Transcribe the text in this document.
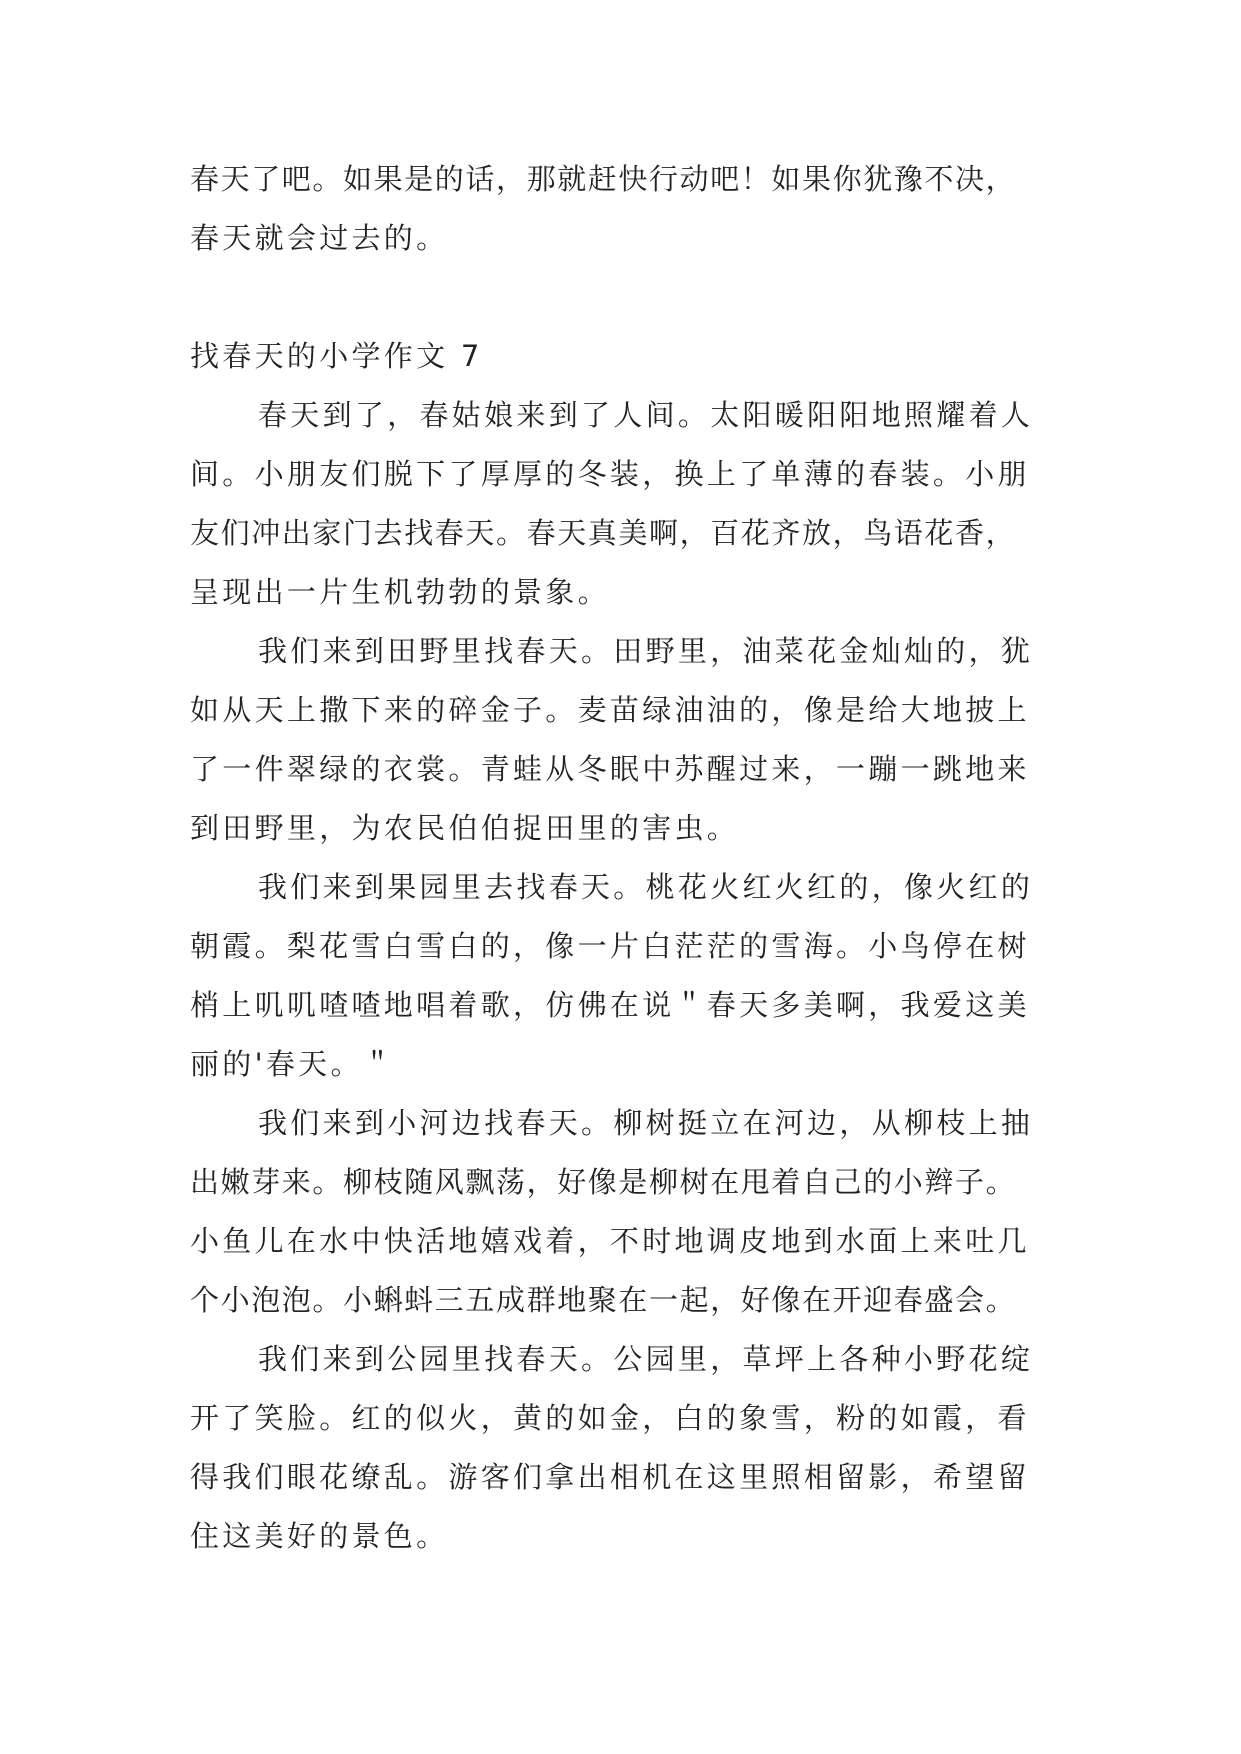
春天了吧。如果是的话，那就赶快行动吧！如果你犹豫不决，

春天就会过去的。

找春天的小学作文 7

春天到了，春姑娘来到了人间。太阳暖阳阳地照耀着人

间。小朋友们脱下了厚厚的冬装，换上了单薄的春装。小朋

友们冲出家门去找春天。春天真美啊，百花齐放，鸟语花香，

呈现出一片生机勃勃的景象。

我们来到田野里找春天。田野里，油菜花金灿灿的，犹

如从天上撒下来的碎金子。麦苗绿油油的，像是给大地披上

了一件翠绿的衣裳。青蛙从冬眠中苏醒过来，一蹦一跳地来

到田野里，为农民伯伯捉田里的害虫。

我们来到果园里去找春天。桃花火红火红的，像火红的

朝霞。梨花雪白雪白的，像一片白茫茫的雪海。小鸟停在树

梢上叽叽喳喳地唱着歌，仿佛在说＂春天多美啊，我爱这美

丽的'春天。＂

我们来到小河边找春天。柳树挺立在河边，从柳枝上抽

出嫩芽来。柳枝随风飘荡，好像是柳树在甩着自己的小辫子。

小鱼儿在水中快活地嬉戏着，不时地调皮地到水面上来吐几

个小泡泡。小蝌蚪三五成群地聚在一起，好像在开迎春盛会。

我们来到公园里找春天。公园里，草坪上各种小野花绽

开了笑脸。红的似火，黄的如金，白的象雪，粉的如霞，看

得我们眼花缭乱。游客们拿出相机在这里照相留影，希望留

住这美好的景色。
